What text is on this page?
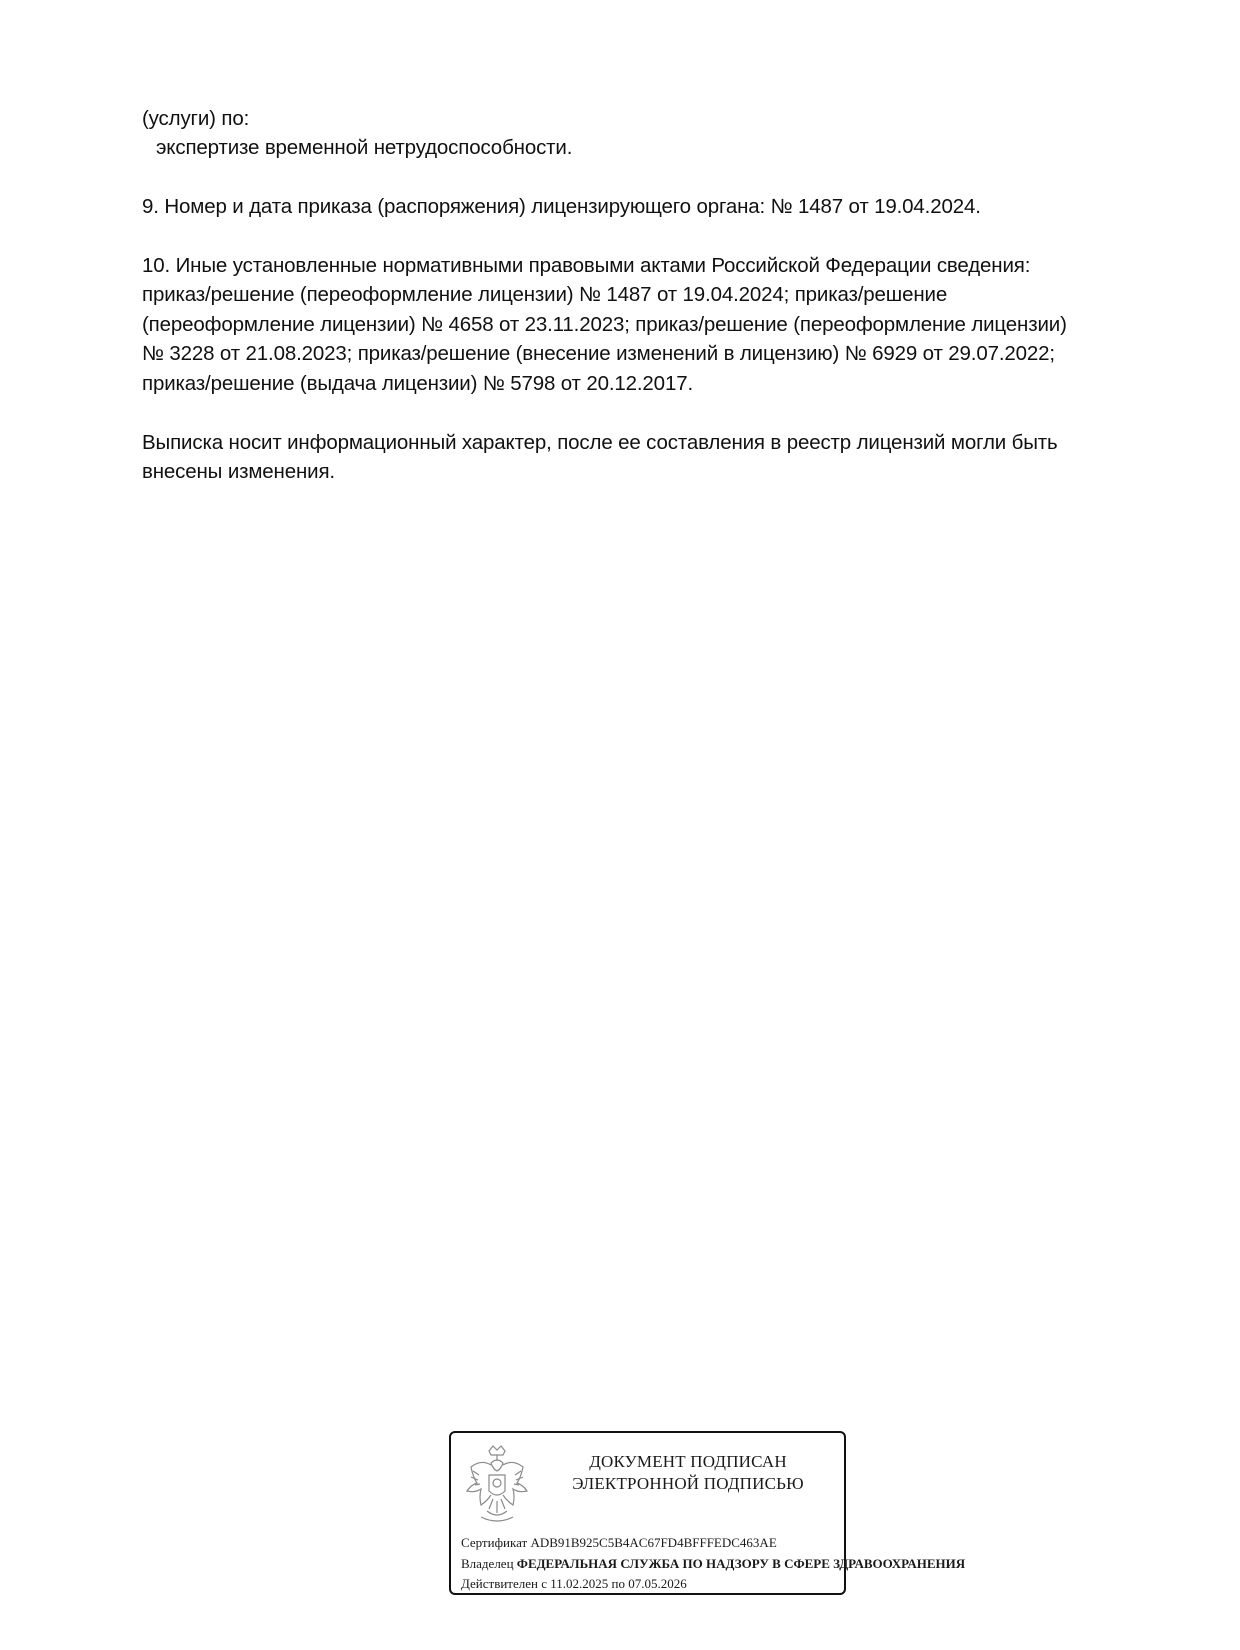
(услуги) по:
экспертизе временной нетрудоспособности.
9. Номер и дата приказа (распоряжения) лицензирующего органа: № 1487 от 19.04.2024.
10. Иные установленные нормативными правовыми актами Российской Федерации сведения:
приказ/решение (переоформление лицензии) № 1487 от 19.04.2024; приказ/решение
(переоформление лицензии) № 4658 от 23.11.2023; приказ/решение (переоформление лицензии)
№ 3228 от 21.08.2023; приказ/решение (внесение изменений в лицензию) № 6929 от 29.07.2022;
приказ/решение (выдача лицензии) № 5798 от 20.12.2017.
Выписка носит информационный характер, после ее составления в реестр лицензий могли быть
внесены изменения.
ДОКУМЕНТ ПОДПИСАН
ЭЛЕКТРОННОЙ ПОДПИСЬЮ
Сертификат ADB91B925C5B4AC67FD4BFFFEDC463AE
Владелец ФЕДЕРАЛЬНАЯ СЛУЖБА ПО НАДЗОРУ В СФЕРЕ ЗДРАВООХРАНЕНИЯ
Действителен с 11.02.2025 по 07.05.2026
